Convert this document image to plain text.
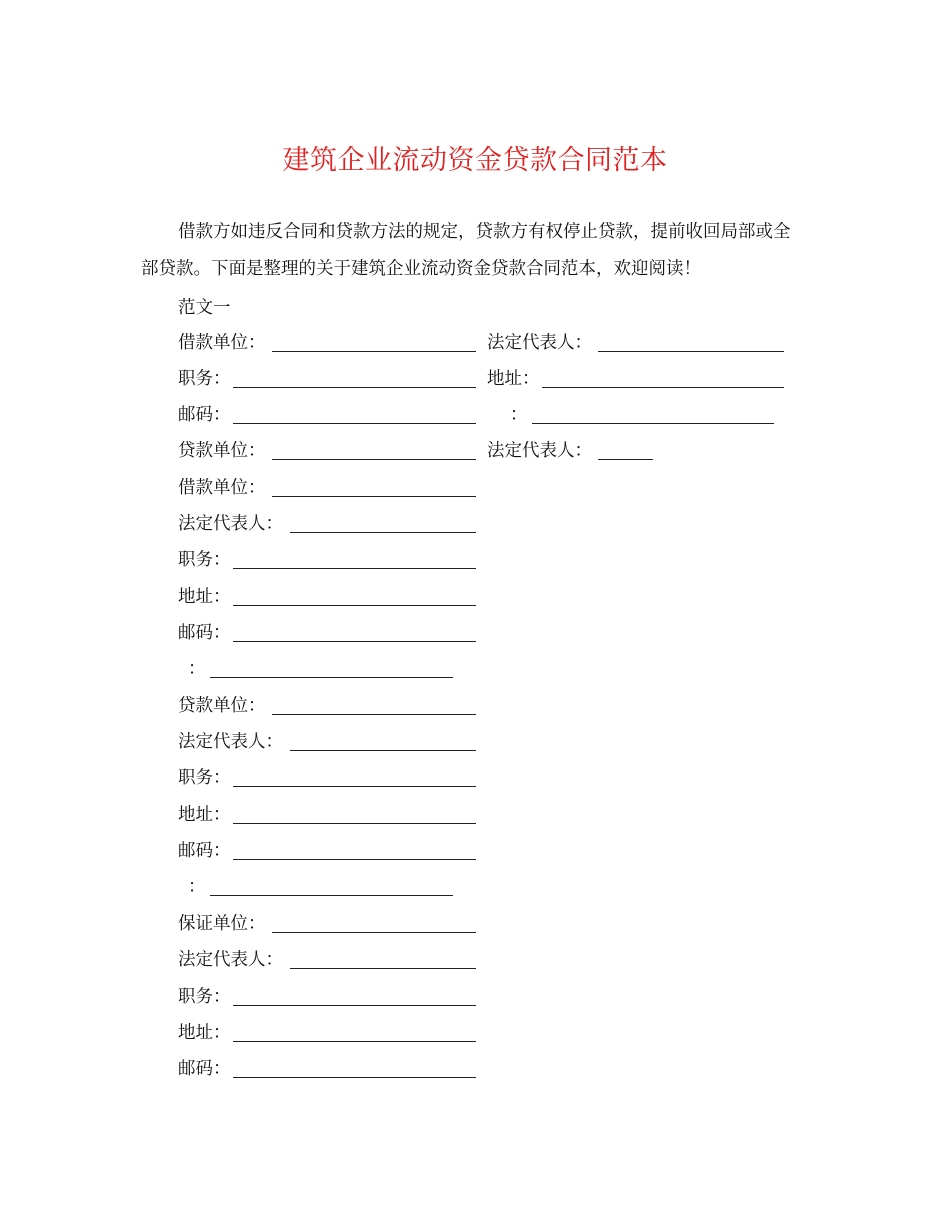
建筑企业流动资金贷款合同范本

借款方如违反合同和贷款方法的规定，贷款方有权停止贷款，提前收回局部或全部贷款。下面是整理的关于建筑企业流动资金贷款合同范本，欢迎阅读！

范文一
借款单位：	法定代表人：
职务：	地址：
邮码：	：
贷款单位：	法定代表人：
借款单位：
法定代表人：
职务：
地址：
邮码：
：
贷款单位：
法定代表人：
职务：
地址：
邮码：
：
保证单位：
法定代表人：
职务：
地址：
邮码：
